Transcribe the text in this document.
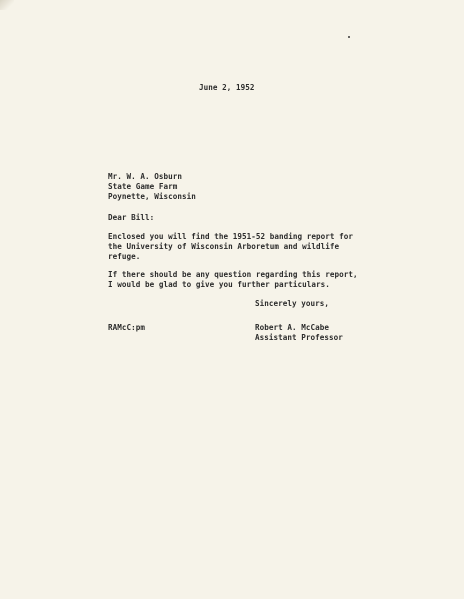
June 2, 1952
Mr. W. A. Osburn
State Game Farm
Poynette, Wisconsin
Dear Bill:
Enclosed you will find the 1951-52 banding report for
the University of Wisconsin Arboretum and wildlife
refuge.
If there should be any question regarding this report,
I would be glad to give you further particulars.
Sincerely yours,
RAMcC:pm	Robert A. McCabe
Assistant Professor
